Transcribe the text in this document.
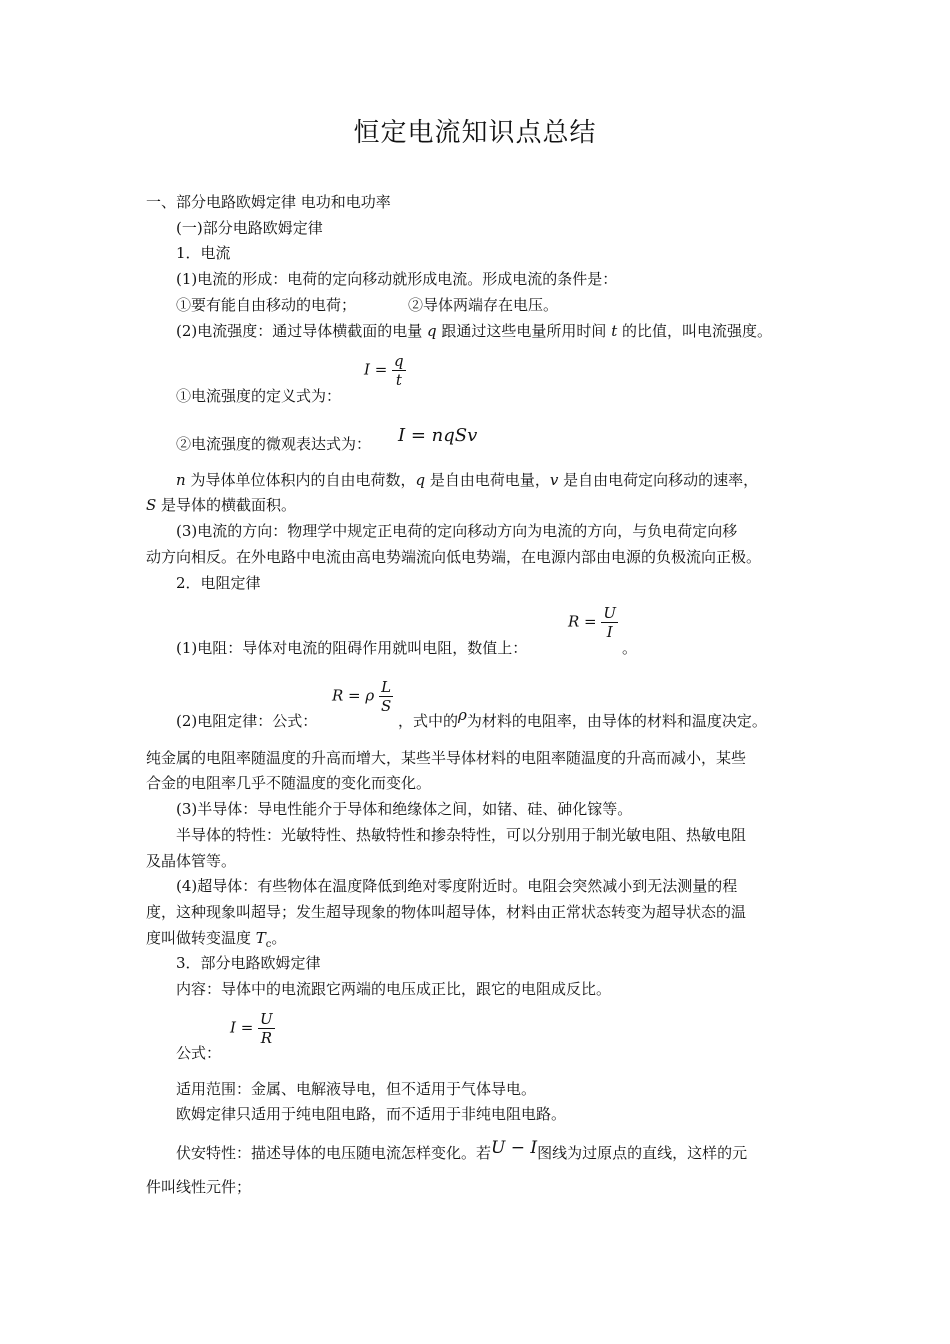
恒定电流知识点总结
一、部分电路欧姆定律 电功和电功率
(一)部分电路欧姆定律
1．电流
(1)电流的形成：电荷的定向移动就形成电流。形成电流的条件是：
①要有能自由移动的电荷；	②导体两端存在电压。
(2)电流强度：通过导体横截面的电量 q 跟通过这些电量所用时间 t 的比值，叫电流强度。
①电流强度的定义式为：
$I = \frac{q}{t}$
②电流强度的微观表达式为： I = nqSv
n 为导体单位体积内的自由电荷数，q 是自由电荷电量，v 是自由电荷定向移动的速率，
S 是导体的横截面积。
(3)电流的方向：物理学中规定正电荷的定向移动方向为电流的方向，与负电荷定向移
动方向相反。在外电路中电流由高电势端流向低电势端，在电源内部由电源的负极流向正极。
2．电阻定律
(1)电阻：导体对电流的阻碍作用就叫电阻，数值上：
$R = \frac{U}{I}$
。
(2)电阻定律：公式：
R = ρ $\frac{L}{S}$
，式中的ρ为材料的电阻率，由导体的材料和温度决定。
纯金属的电阻率随温度的升高而增大，某些半导体材料的电阻率随温度的升高而减小，某些
合金的电阻率几乎不随温度的变化而变化。
(3)半导体：导电性能介于导体和绝缘体之间，如锗、硅、砷化镓等。
半导体的特性：光敏特性、热敏特性和掺杂特性，可以分别用于制光敏电阻、热敏电阻
及晶体管等。
(4)超导体：有些物体在温度降低到绝对零度附近时。电阻会突然减小到无法测量的程
度，这种现象叫超导；发生超导现象的物体叫超导体，材料由正常状态转变为超导状态的温
度叫做转变温度 $T_c$。
3．部分电路欧姆定律
内容：导体中的电流跟它两端的电压成正比，跟它的电阻成反比。
公式：
$I = \frac{U}{R}$
适用范围：金属、电解液导电，但不适用于气体导电。
欧姆定律只适用于纯电阻电路，而不适用于非纯电阻电路。
伏安特性：描述导体的电压随电流怎样变化。若U − I图线为过原点的直线，这样的元
件叫线性元件；
